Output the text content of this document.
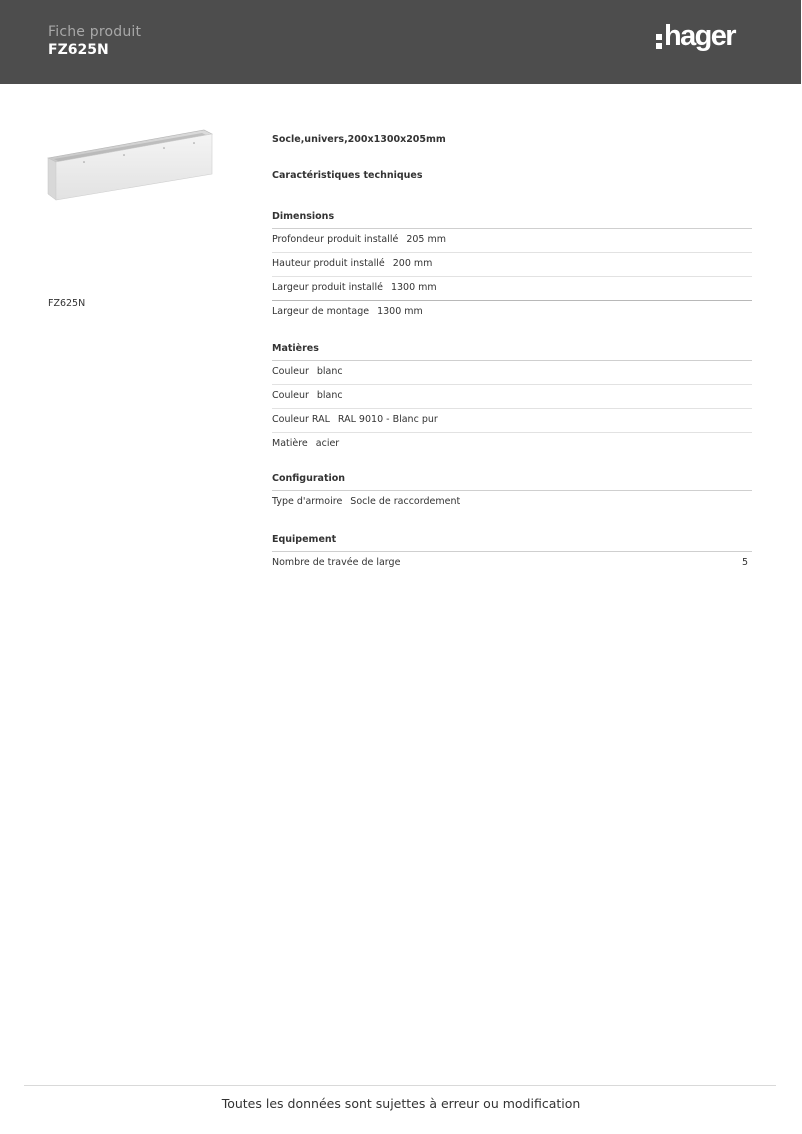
Fiche produit
FZ625N	hager
FZ625N
Socle,univers,200x1300x205mm
Caractéristiques techniques
Dimensions
Profondeur produit installé 205 mm
Hauteur produit installé 200 mm
Largeur produit installé 1300 mm
Largeur de montage 1300 mm
Matières
Couleur blanc
Couleur blanc
Couleur RAL RAL 9010 - Blanc pur
Matière acier
Configuration
Type d'armoire Socle de raccordement
Equipement
Nombre de travée de large	5
Toutes les données sont sujettes à erreur ou modification
